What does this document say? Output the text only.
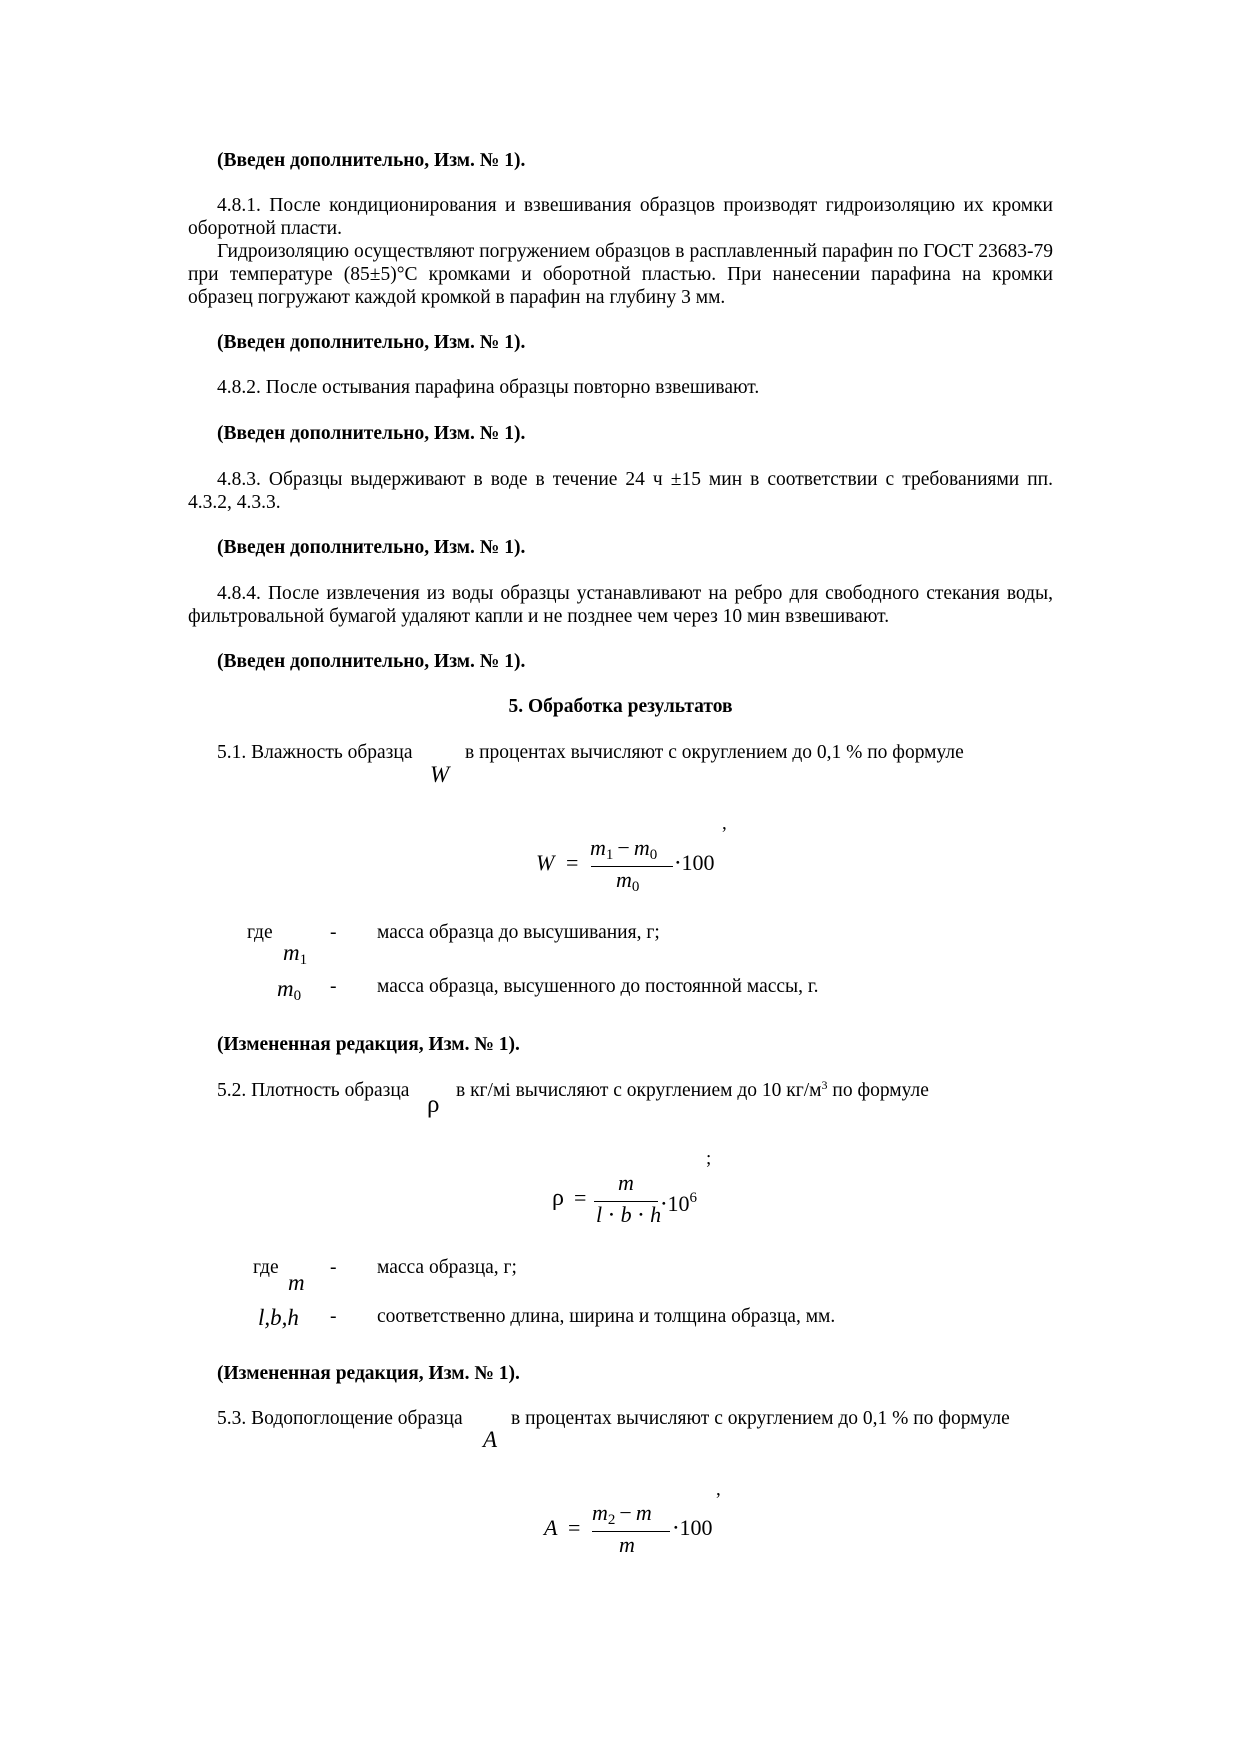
(Введен дополнительно, Изм. № 1).
4.8.1. После кондиционирования и взвешивания образцов производят гидроизоляцию их кромки оборотной пласти.
Гидроизоляцию осуществляют погружением образцов в расплавленный парафин по ГОСТ 23683-79 при температуре (85±5)°С кромками и оборотной пластью. При нанесении парафина на кромки образец погружают каждой кромкой в парафин на глубину 3 мм.
(Введен дополнительно, Изм. № 1).
4.8.2. После остывания парафина образцы повторно взвешивают.
(Введен дополнительно, Изм. № 1).
4.8.3. Образцы выдерживают в воде в течение 24 ч ±15 мин в соответствии с требованиями пп. 4.3.2, 4.3.3.
(Введен дополнительно, Изм. № 1).
4.8.4. После извлечения из воды образцы устанавливают на ребро для свободного стекания воды, фильтровальной бумагой удаляют капли и не позднее чем через 10 мин взвешивают.
(Введен дополнительно, Изм. № 1).
5. Обработка результатов
5.1. Влажность образца
W
в процентах вычисляют с округлением до 0,1 % по формуле
,
W =
$m_1 - m_0$
$m_0$
⋅100
где
m1
- масса образца до высушивания, г;
m0 - масса образца, высушенного до постоянной массы, г.
(Измененная редакция, Изм. № 1).
5.2. Плотность образца
ρ
в кг/мі вычисляют с округлением до 10 $кг/м^3$ по формуле
;
ρ =
m
l ⋅ b ⋅ h
$\cdot 10^6$
где
m
- масса образца, г;
l,b,h - соответственно длина, ширина и толщина образца, мм.
(Измененная редакция, Изм. № 1).
5.3. Водопоглощение образца
A
в процентах вычисляют с округлением до 0,1 % по формуле
,
A =
$m_2 - m$
m
⋅100
